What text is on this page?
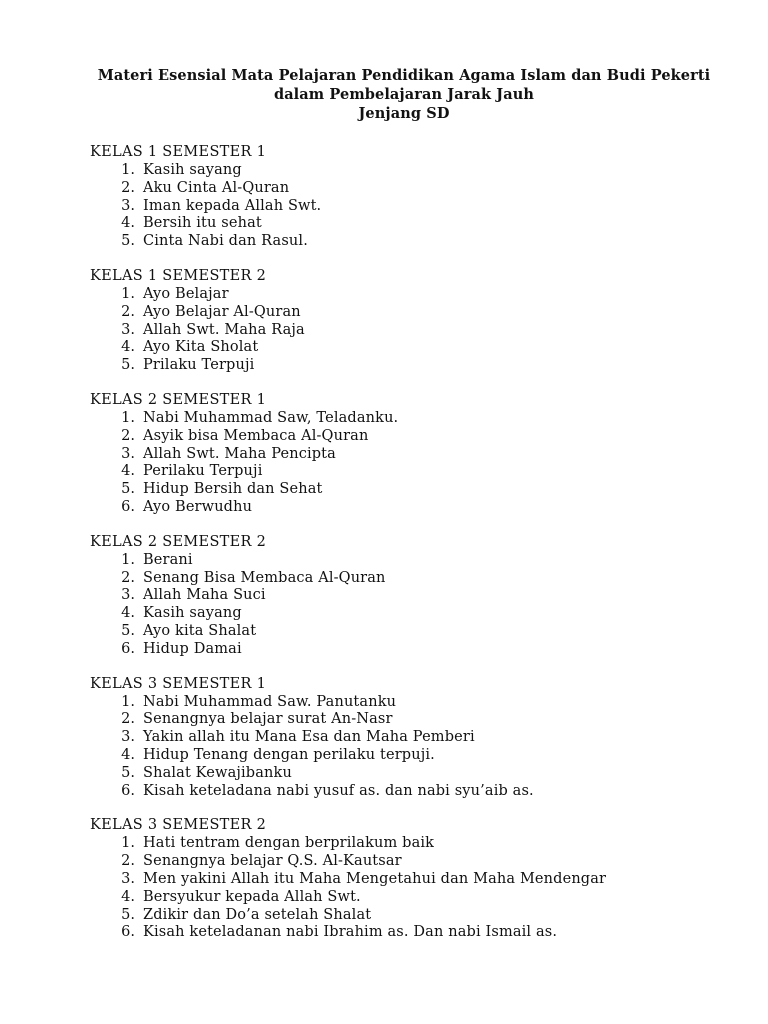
Materi Esensial Mata Pelajaran Pendidikan Agama Islam dan Budi Pekerti
dalam Pembelajaran Jarak Jauh
Jenjang SD
KELAS 1 SEMESTER 1
1. Kasih sayang
2. Aku Cinta Al-Quran
3. Iman kepada Allah Swt.
4. Bersih itu sehat
5. Cinta Nabi dan Rasul.
KELAS 1 SEMESTER 2
1. Ayo Belajar
2. Ayo Belajar Al-Quran
3. Allah Swt. Maha Raja
4. Ayo Kita Sholat
5. Prilaku Terpuji
KELAS 2 SEMESTER 1
1. Nabi Muhammad Saw, Teladanku.
2. Asyik bisa Membaca Al-Quran
3. Allah Swt. Maha Pencipta
4. Perilaku Terpuji
5. Hidup Bersih dan Sehat
6. Ayo Berwudhu
KELAS 2 SEMESTER 2
1. Berani
2. Senang Bisa Membaca Al-Quran
3. Allah Maha Suci
4. Kasih sayang
5. Ayo kita Shalat
6. Hidup Damai
KELAS 3 SEMESTER 1
1. Nabi Muhammad Saw. Panutanku
2. Senangnya belajar surat An-Nasr
3. Yakin allah itu Mana Esa dan Maha Pemberi
4. Hidup Tenang dengan perilaku terpuji.
5. Shalat Kewajibanku
6. Kisah keteladana nabi yusuf as. dan nabi syu’aib as.
KELAS 3 SEMESTER 2
1. Hati tentram dengan berprilakum baik
2. Senangnya belajar Q.S. Al-Kautsar
3. Men yakini Allah itu Maha Mengetahui dan Maha Mendengar
4. Bersyukur kepada Allah Swt.
5. Zdikir dan Do’a setelah Shalat
6. Kisah keteladanan nabi Ibrahim as. Dan nabi Ismail as.
